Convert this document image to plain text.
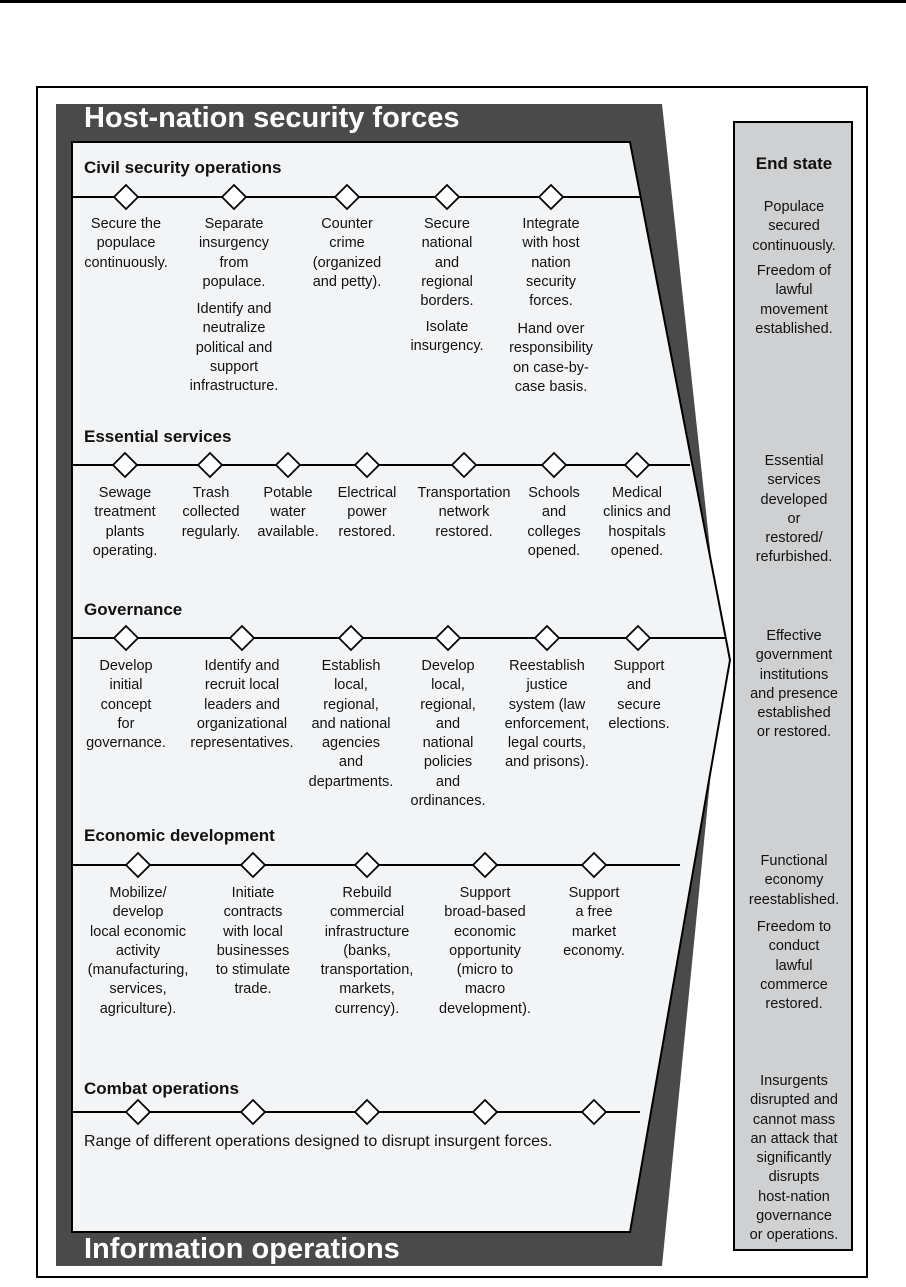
Host-nation security forces
Information operations
Civil security operations
Essential services
Governance
Economic development
Combat operations
Secure the
populace
continuously.
Separate
insurgency
from
populace.
Identify and
neutralize
political and
support
infrastructure.
Counter
crime
(organized
and petty).
Secure
national
and
regional
borders.
Isolate
insurgency.
Integrate
with host
nation
security
forces.
Hand over
responsibility
on case-by-
case basis.
Sewage
treatment
plants
operating.
Trash
collected
regularly.
Potable
water
available.
Electrical
power
restored.
Transportation
network
restored.
Schools
and
colleges
opened.
Medical
clinics and
hospitals
opened.
Develop
initial
concept
for
governance.
Identify and
recruit local
leaders and
organizational
representatives.
Establish
local,
regional,
and national
agencies
and
departments.
Develop
local,
regional,
and
national
policies
and
ordinances.
Reestablish
justice
system (law
enforcement,
legal courts,
and prisons).
Support
and
secure
elections.
Mobilize/
develop
local economic
activity
(manufacturing,
services,
agriculture).
Initiate
contracts
with local
businesses
to stimulate
trade.
Rebuild
commercial
infrastructure
(banks,
transportation,
markets,
currency).
Support
broad-based
economic
opportunity
(micro to
macro
development).
Support
a free
market
economy.
Range of different operations designed to disrupt insurgent forces.
End state
Populace
secured
continuously.
Freedom of
lawful
movement
established.
Essential
services
developed
or
restored/
refurbished.
Effective
government
institutions
and presence
established
or restored.
Functional
economy
reestablished.
Freedom to
conduct
lawful
commerce
restored.
Insurgents
disrupted and
cannot mass
an attack that
significantly
disrupts
host-nation
governance
or operations.
